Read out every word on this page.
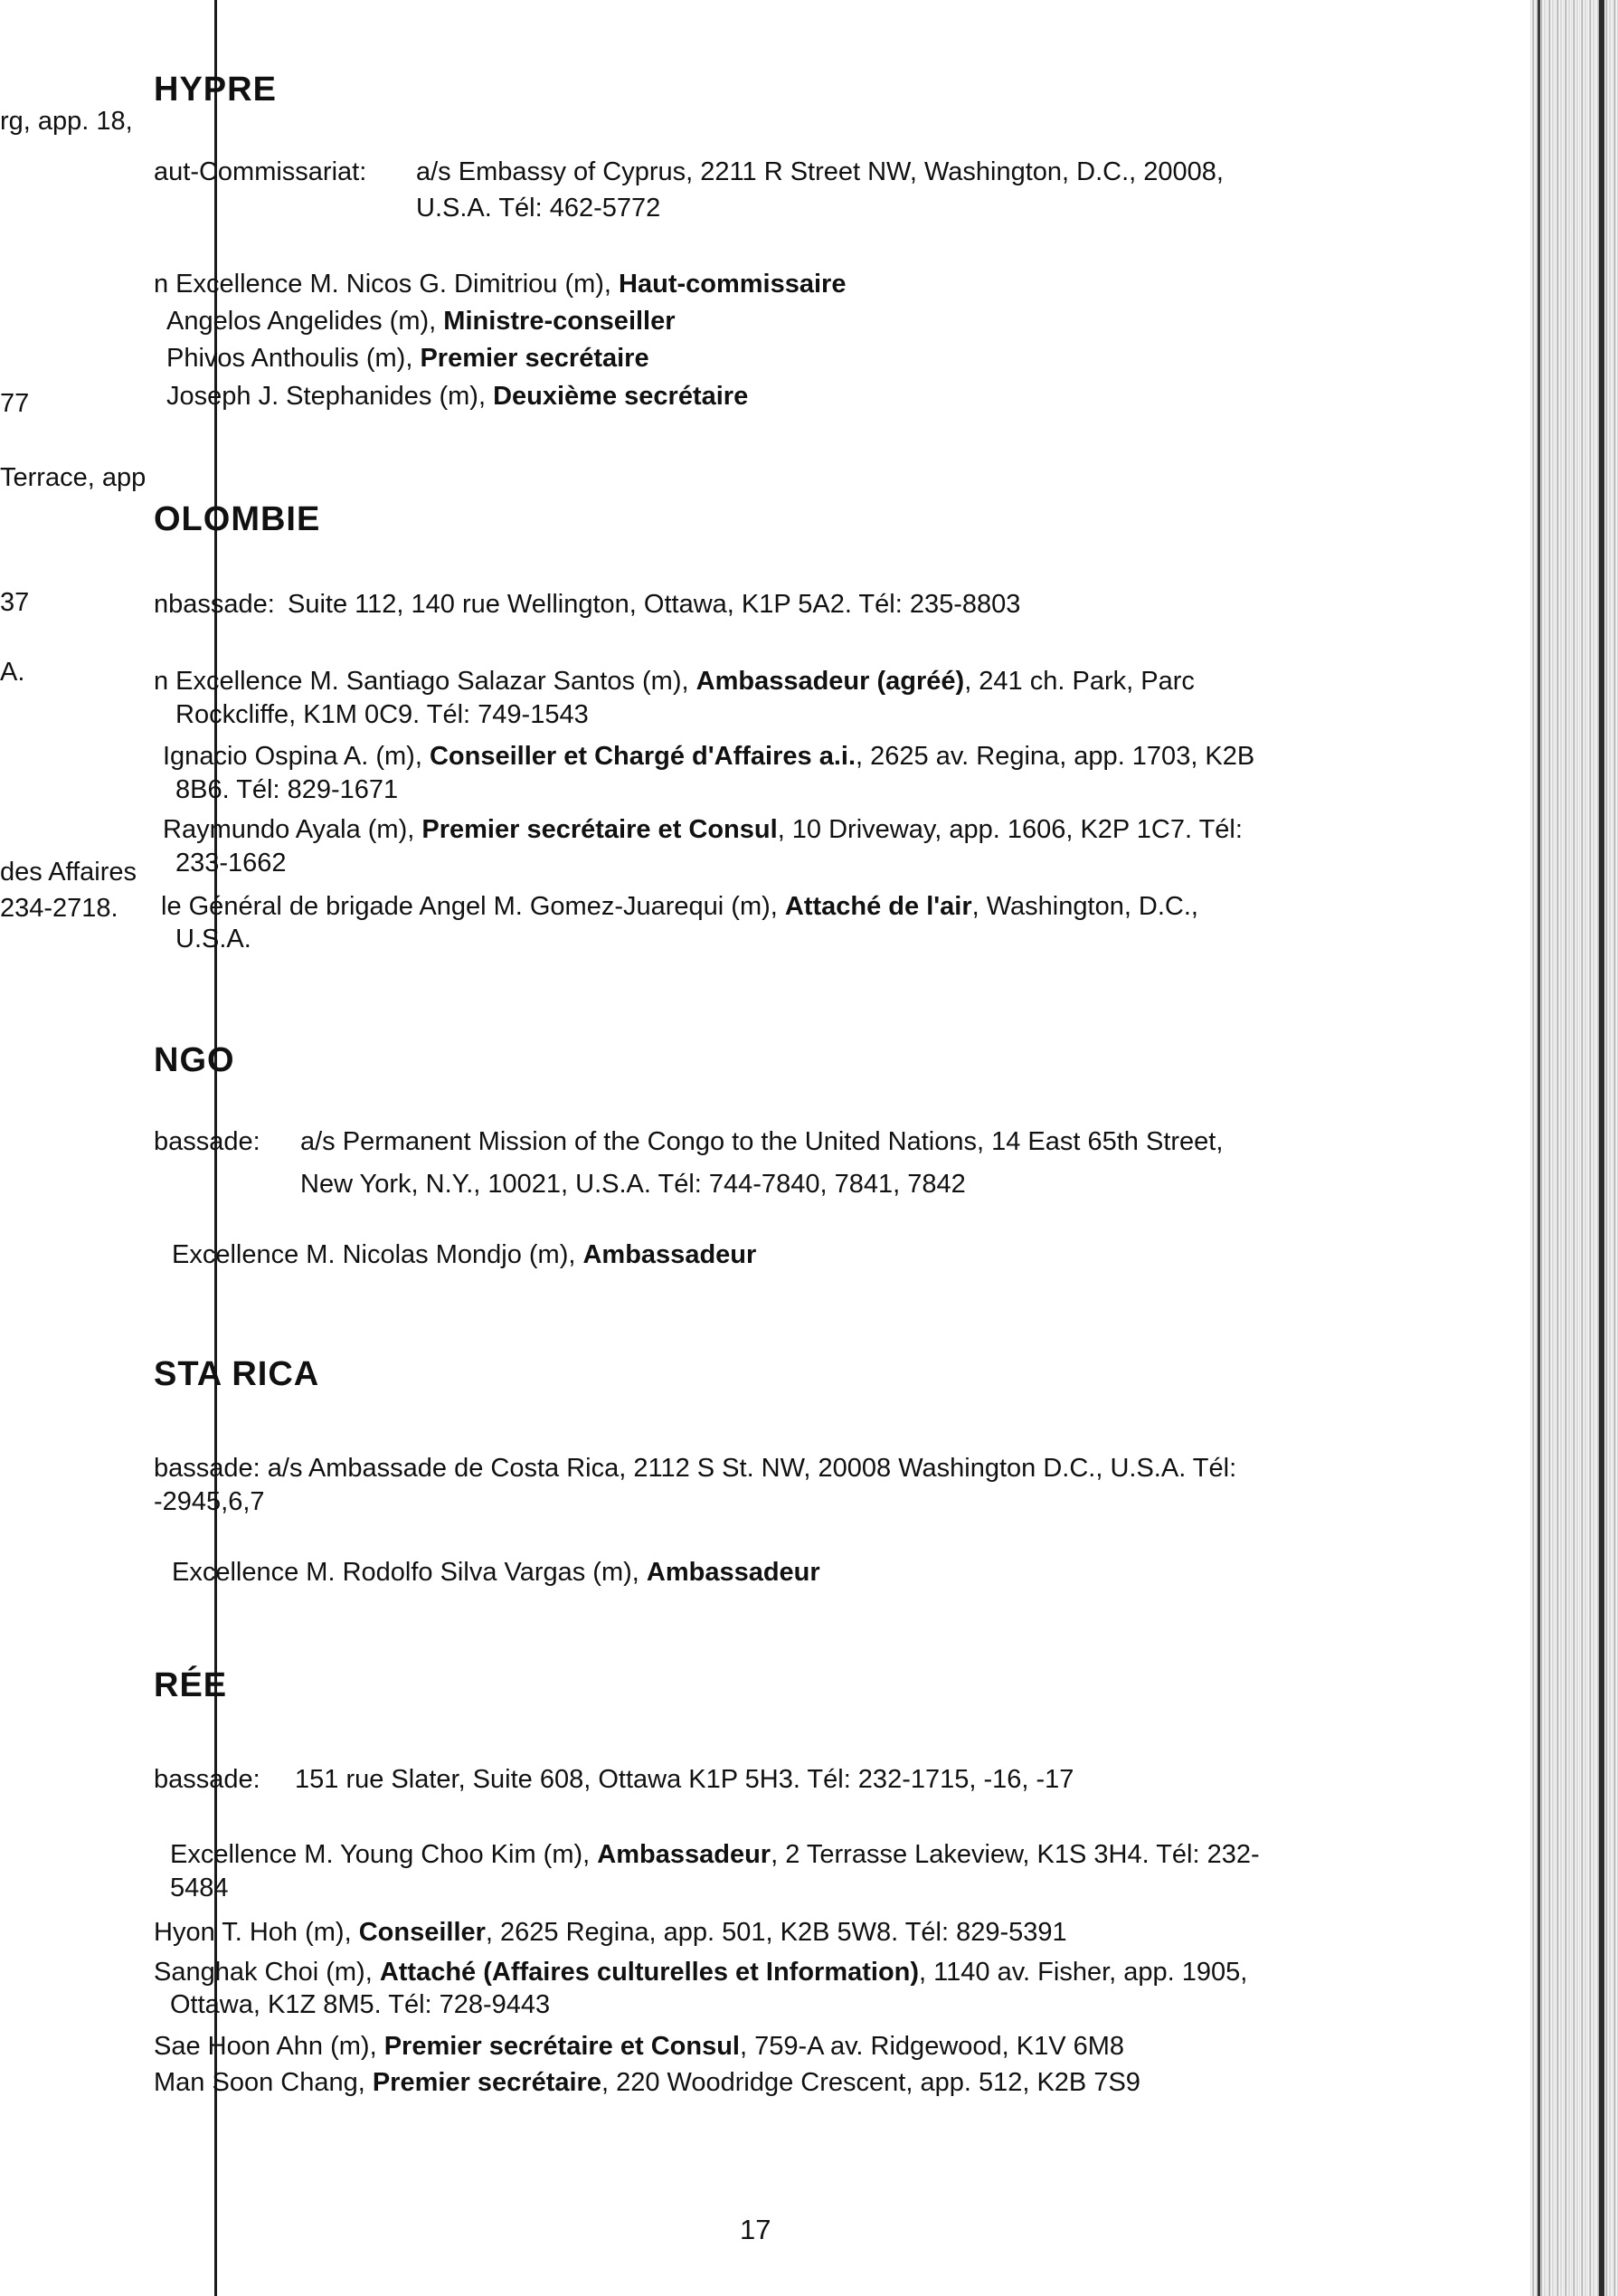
rg, app. 18,
77
Terrace, app
37
A.
des Affaires
234-2718.
HYPRE
aut-Commissariat: a/s Embassy of Cyprus, 2211 R Street NW, Washington, D.C., 20008,
U.S.A. Tél: 462-5772
n Excellence M. Nicos G. Dimitriou (m), Haut-commissaire
Angelos Angelides (m), Ministre-conseiller
Phivos Anthoulis (m), Premier secrétaire
Joseph J. Stephanides (m), Deuxième secrétaire
OLOMBIE
nbassade: Suite 112, 140 rue Wellington, Ottawa, K1P 5A2. Tél: 235-8803
n Excellence M. Santiago Salazar Santos (m), Ambassadeur (agréé), 241 ch. Park, Parc
Rockcliffe, K1M 0C9. Tél: 749-1543
Ignacio Ospina A. (m), Conseiller et Chargé d'Affaires a.i., 2625 av. Regina, app. 1703, K2B
8B6. Tél: 829-1671
Raymundo Ayala (m), Premier secrétaire et Consul, 10 Driveway, app. 1606, K2P 1C7. Tél:
233-1662
le Général de brigade Angel M. Gomez-Juarequi (m), Attaché de l'air, Washington, D.C.,
U.S.A.
NGO
bassade: a/s Permanent Mission of the Congo to the United Nations, 14 East 65th Street,
New York, N.Y., 10021, U.S.A. Tél: 744-7840, 7841, 7842
Excellence M. Nicolas Mondjo (m), Ambassadeur
STA RICA
bassade: a/s Ambassade de Costa Rica, 2112 S St. NW, 20008 Washington D.C., U.S.A. Tél:
-2945,6,7
Excellence M. Rodolfo Silva Vargas (m), Ambassadeur
RÉE
bassade: 151 rue Slater, Suite 608, Ottawa K1P 5H3. Tél: 232-1715, -16, -17
Excellence M. Young Choo Kim (m), Ambassadeur, 2 Terrasse Lakeview, K1S 3H4. Tél: 232-
5484
Hyon T. Hoh (m), Conseiller, 2625 Regina, app. 501, K2B 5W8. Tél: 829-5391
Sanghak Choi (m), Attaché (Affaires culturelles et Information), 1140 av. Fisher, app. 1905,
Ottawa, K1Z 8M5. Tél: 728-9443
Sae Hoon Ahn (m), Premier secrétaire et Consul, 759-A av. Ridgewood, K1V 6M8
Man Soon Chang, Premier secrétaire, 220 Woodridge Crescent, app. 512, K2B 7S9
17
